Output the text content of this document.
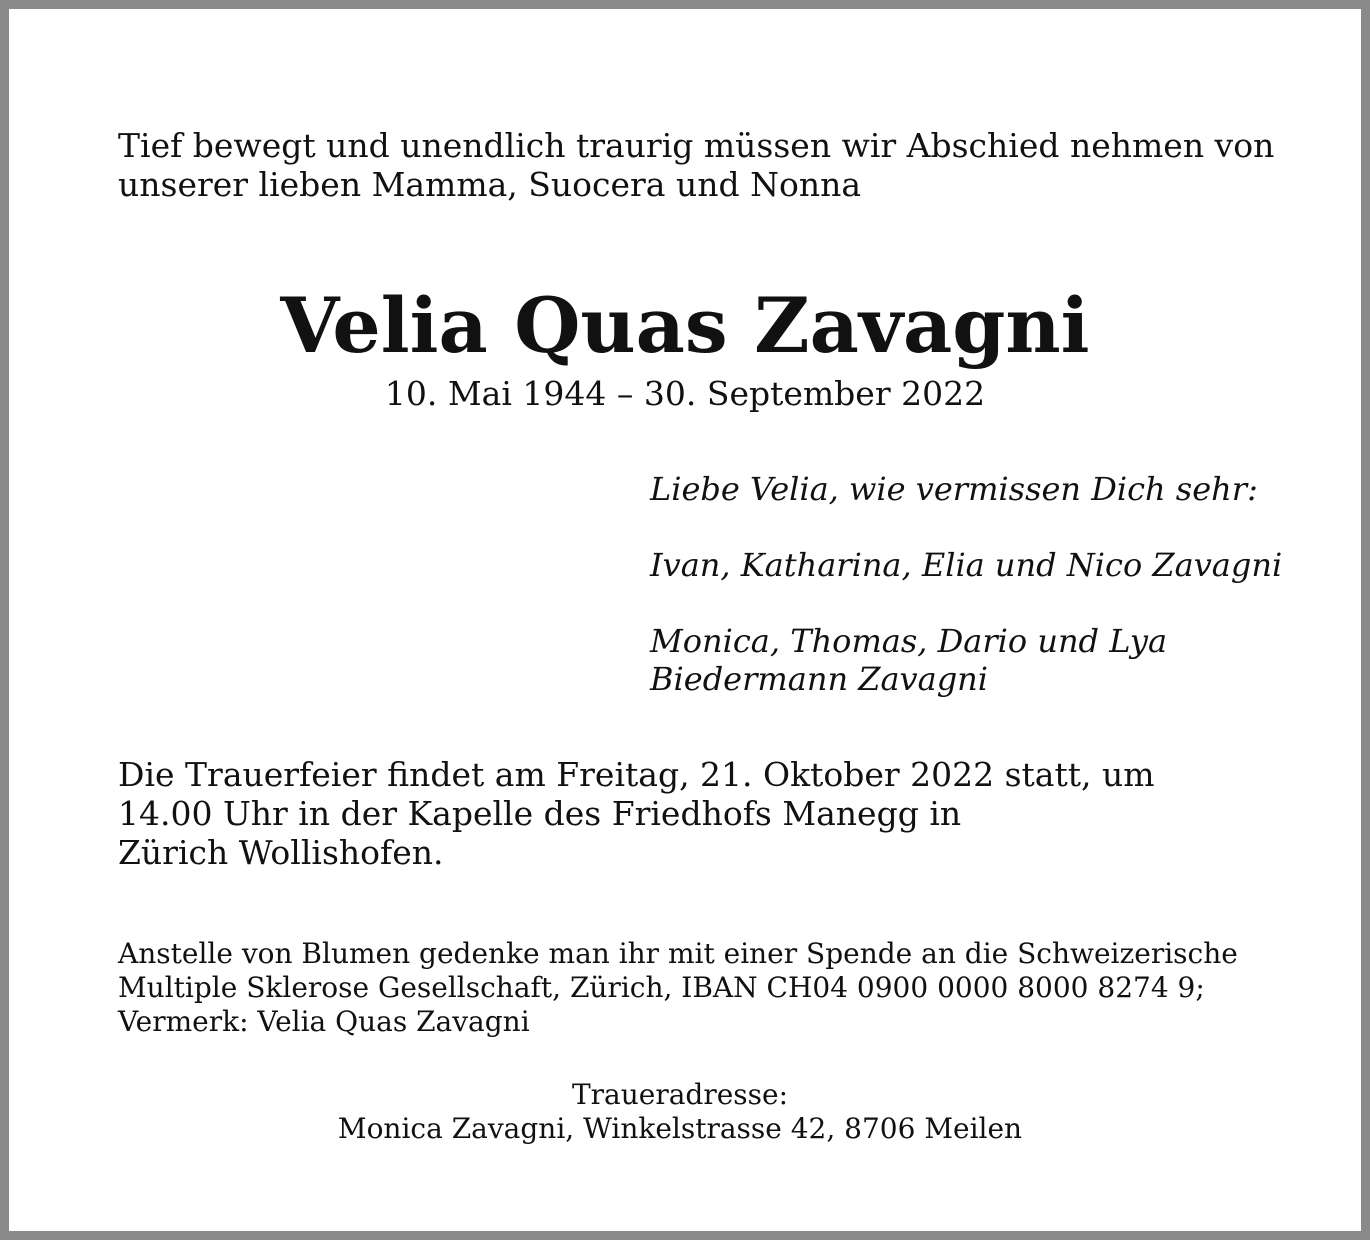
Tief bewegt und unendlich traurig müssen wir Abschied nehmen von
unserer lieben Mamma, Suocera und Nonna
Velia Quas Zavagni
10. Mai 1944 – 30. September 2022

Liebe Velia, wie vermissen Dich sehr:

Ivan, Katharina, Elia und Nico Zavagni

Monica, Thomas, Dario und Lya

Biedermann Zavagni

Die Trauerfeier findet am Freitag, 21. Oktober 2022 statt, um
14.00 Uhr in der Kapelle des Friedhofs Manegg in
Zürich Wollishofen.
Anstelle von Blumen gedenke man ihr mit einer Spende an die Schweizerische
Multiple Sklerose Gesellschaft, Zürich, IBAN CH04 0900 0000 8000 8274 9;
Vermerk: Velia Quas Zavagni
Traueradresse:
Monica Zavagni, Winkelstrasse 42, 8706 Meilen
